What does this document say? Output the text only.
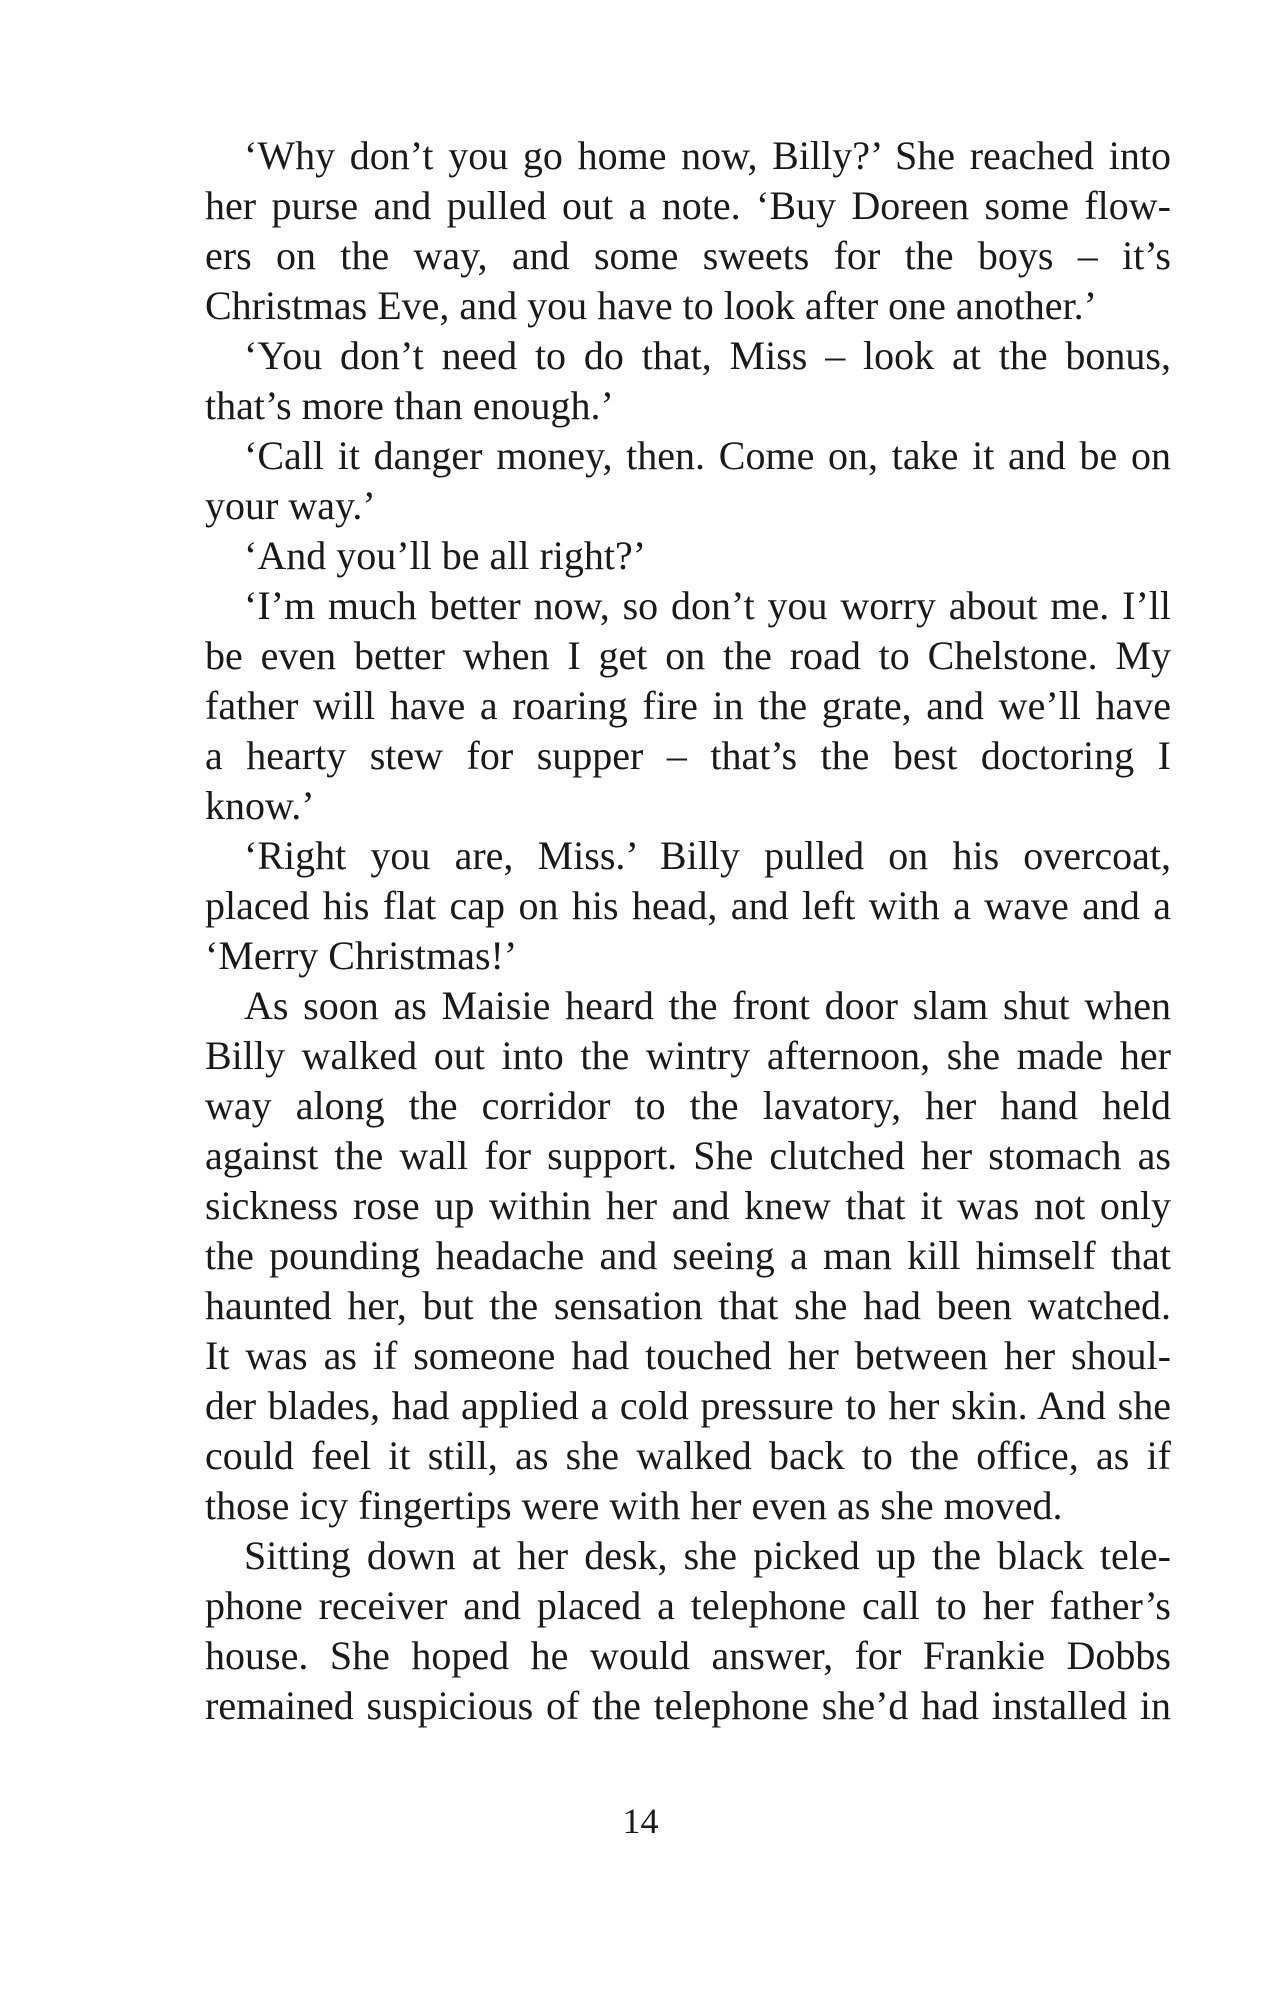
‘Why don’t you go home now, Billy?’ She reached into
her purse and pulled out a note. ‘Buy Doreen some flow-
ers on the way, and some sweets for the boys – it’s
Christmas Eve, and you have to look after one another.’
‘You don’t need to do that, Miss – look at the bonus,
that’s more than enough.’
‘Call it danger money, then. Come on, take it and be on
your way.’
‘And you’ll be all right?’
‘I’m much better now, so don’t you worry about me. I’ll
be even better when I get on the road to Chelstone. My
father will have a roaring fire in the grate, and we’ll have
a hearty stew for supper – that’s the best doctoring I
know.’
‘Right you are, Miss.’ Billy pulled on his overcoat,
placed his flat cap on his head, and left with a wave and a
‘Merry Christmas!’
As soon as Maisie heard the front door slam shut when
Billy walked out into the wintry afternoon, she made her
way along the corridor to the lavatory, her hand held
against the wall for support. She clutched her stomach as
sickness rose up within her and knew that it was not only
the pounding headache and seeing a man kill himself that
haunted her, but the sensation that she had been watched.
It was as if someone had touched her between her shoul-
der blades, had applied a cold pressure to her skin. And she
could feel it still, as she walked back to the office, as if
those icy fingertips were with her even as she moved.
Sitting down at her desk, she picked up the black tele-
phone receiver and placed a telephone call to her father’s
house. She hoped he would answer, for Frankie Dobbs
remained suspicious of the telephone she’d had installed in
14
